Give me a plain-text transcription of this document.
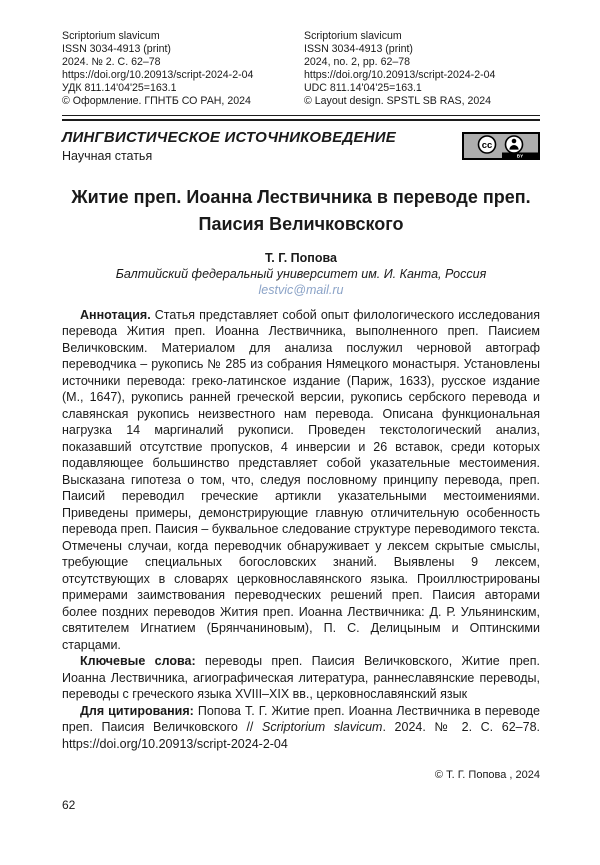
Scriptorium slavicum
ISSN 3034-4913 (print)
2024. № 2. С. 62–78
https://doi.org/10.20913/script-2024-2-04
УДК 811.14'04'25=163.1
© Оформление. ГПНТБ СО РАН, 2024
Scriptorium slavicum
ISSN 3034-4913 (print)
2024, no. 2, pp. 62–78
https://doi.org/10.20913/script-2024-2-04
UDC 811.14'04'25=163.1
© Layout design. SPSTL SB RAS, 2024
ЛИНГВИСТИЧЕСКОЕ ИСТОЧНИКОВЕДЕНИЕ
Научная статья
cc
BY
Житие преп. Иоанна Лествичника в переводе преп. Паисия Величковского
Т. Г. Попова
Балтийский федеральный университет им. И. Канта, Россия
lestvic@mail.ru

Аннотация. Статья представляет собой опыт филологического исследования перевода Жития преп. Иоанна Лествичника, выполненного преп. Паисием Величковским. Материалом для анализа послужил черновой автограф переводчика – рукопись № 285 из собрания Нямецкого монастыря. Установлены источники перевода: греко-латинское издание (Париж, 1633), русское издание (М., 1647), рукопись ранней греческой версии, рукопись сербского перевода и славянская рукопись неизвестного нам перевода. Описана функциональная нагрузка 14 маргиналий рукописи. Проведен текстологический анализ, показавший отсутствие пропусков, 4 инверсии и 26 вставок, среди которых подавляющее большинство представляет собой указательные местоимения. Высказана гипотеза о том, что, следуя пословному принципу перевода, преп. Паисий переводил греческие артикли указательными местоимениями. Приведены примеры, демонстрирующие главную отличительную особенность перевода преп. Паисия – буквальное следование структуре переводимого текста. Отмечены случаи, когда переводчик обнаруживает у лексем скрытые смыслы, требующие специальных богословских знаний. Выявлены 9 лексем, отсутствующих в словарях церковнославянского языка. Проиллюстрированы примерами заимствования переводческих решений преп. Паисия авторами более поздних переводов Жития преп. Иоанна Лествичника: Д. Р. Ульянинским, святителем Игнатием (Брянчаниновым), П. С. Делицыным и Оптинскими старцами.

Ключевые слова: переводы преп. Паисия Величковского, Житие преп. Иоанна Лествичника, агиографическая литература, раннеславянские переводы, переводы с греческого языка XVIII–XIX вв., церковнославянский язык

Для цитирования: Попова Т. Г. Житие преп. Иоанна Лествичника в переводе преп. Паисия Величковского // Scriptorium slavicum. 2024. № 2. С. 62–78. https://doi.org/10.20913/script-2024-2-04

© Т. Г. Попова , 2024
62
